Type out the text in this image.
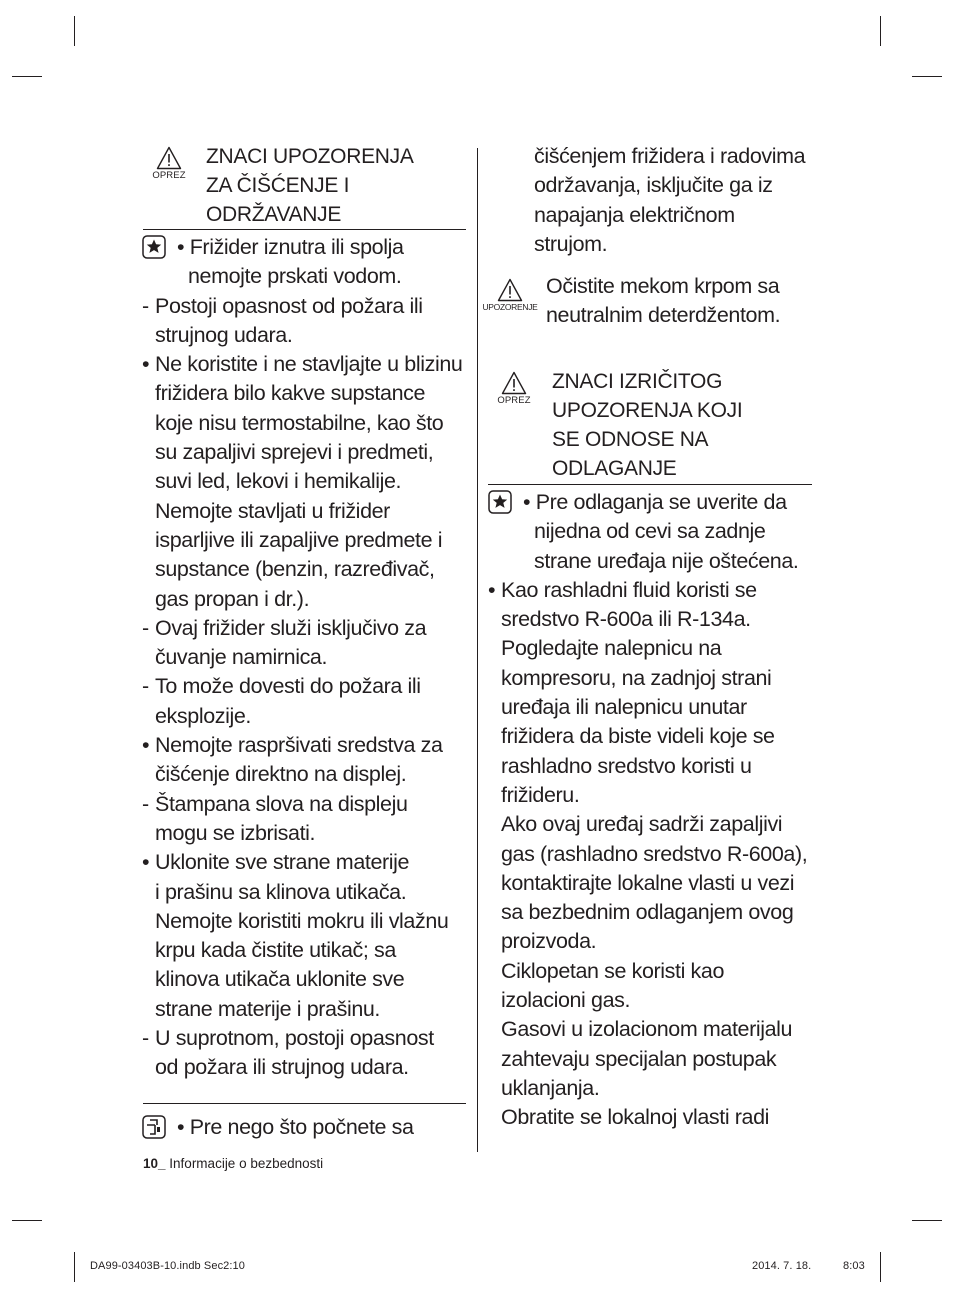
OPREZ
ZNACI UPOZORENJA
ZA ČIŠĆENJE I
ODRŽAVANJE
• Frižider iznutra ili spolja
nemojte prskati vodom.
- Postoji opasnost od požara ili
strujnog udara.
• Ne koristite i ne stavljajte u blizinu
frižidera bilo kakve supstance
koje nisu termostabilne, kao što
su zapaljivi sprejevi i predmeti,
suvi led, lekovi i hemikalije.
Nemojte stavljati u frižider
isparljive ili zapaljive predmete i
supstance (benzin, razređivač,
gas propan i dr.).
- Ovaj frižider služi isključivo za
čuvanje namirnica.
- To može dovesti do požara ili
eksplozije.
• Nemojte raspršivati sredstva za
čišćenje direktno na displej.
- Štampana slova na displeju
mogu se izbrisati.
• Uklonite sve strane materije
i prašinu sa klinova utikača.
Nemojte koristiti mokru ili vlažnu
krpu kada čistite utikač; sa
klinova utikača uklonite sve
strane materije i prašinu.
- U suprotnom, postoji opasnost
od požara ili strujnog udara.
• Pre nego što počnete sa
čišćenjem frižidera i radovima
održavanja, isključite ga iz
napajanja električnom
strujom.
UPOZORENJE
Očistite mekom krpom sa
neutralnim deterdžentom.
OPREZ
ZNACI IZRIČITOG
UPOZORENJA KOJI
SE ODNOSE NA
ODLAGANJE
• Pre odlaganja se uverite da
nijedna od cevi sa zadnje
strane uređaja nije oštećena.
• Kao rashladni fluid koristi se
sredstvo R-600a ili R-134a.
Pogledajte nalepnicu na
kompresoru, na zadnjoj strani
uređaja ili nalepnicu unutar
frižidera da biste videli koje se
rashladno sredstvo koristi u
frižideru.
Ako ovaj uređaj sadrži zapaljivi
gas (rashladno sredstvo R-600a),
kontaktirajte lokalne vlasti u vezi
sa bezbednim odlaganjem ovog
proizvoda.
Ciklopetan se koristi kao
izolacioni gas.
Gasovi u izolacionom materijalu
zahtevaju specijalan postupak
uklanjanja.
Obratite se lokalnoj vlasti radi
10_ Informacije o bezbednosti
DA99-03403B-10.indb Sec2:10	2014. 7. 18.	8:03
